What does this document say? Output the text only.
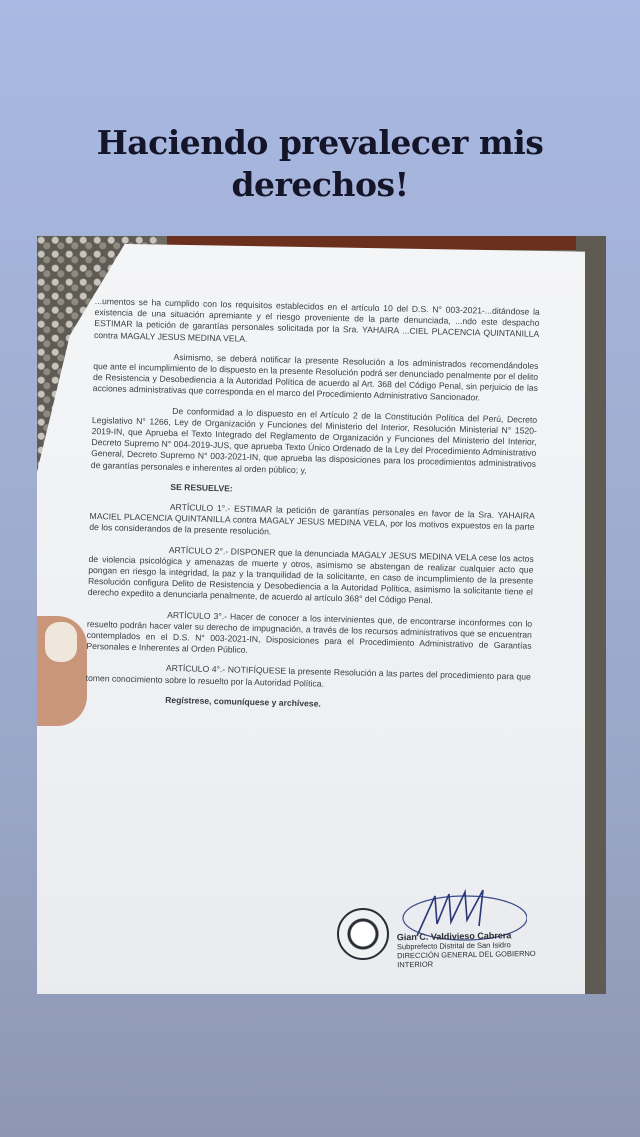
Haciendo prevalecer mis
derechos!

...umentos se ha cumplido con los requisitos establecidos en el artículo 10 del D.S. N° 003-2021-...ditándose la existencia de una situación apremiante y el riesgo proveniente de la parte denunciada, ...ndo este despacho ESTIMAR la petición de garantías personales solicitada por la Sra. YAHAIRA ...CIEL PLACENCIA QUINTANILLA contra MAGALY JESUS MEDINA VELA.

Asimismo, se deberá notificar la presente Resolución a los administrados recomendándoles que ante el incumplimiento de lo dispuesto en la presente Resolución podrá ser denunciado penalmente por el delito de Resistencia y Desobediencia a la Autoridad Política de acuerdo al Art. 368 del Código Penal, sin perjuicio de las acciones administrativas que corresponda en el marco del Procedimiento Administrativo Sancionador.

De conformidad a lo dispuesto en el Artículo 2 de la Constitución Política del Perú, Decreto Legislativo N° 1266, Ley de Organización y Funciones del Ministerio del Interior, Resolución Ministerial N° 1520-2019-IN, que Aprueba el Texto Integrado del Reglamento de Organización y Funciones del Ministerio del Interior, Decreto Supremo N° 004-2019-JUS, que aprueba Texto Único Ordenado de la Ley del Procedimiento Administrativo General, Decreto Supremo N° 003-2021-IN, que aprueba las disposiciones para los procedimientos administrativos de garantías personales e inherentes al orden público; y,

SE RESUELVE:

ARTÍCULO 1°.- ESTIMAR la petición de garantías personales en favor de la Sra. YAHAIRA MACIEL PLACENCIA QUINTANILLA contra MAGALY JESUS MEDINA VELA, por los motivos expuestos en la parte de los considerandos de la presente resolución.

ARTÍCULO 2°.- DISPONER que la denunciada MAGALY JESUS MEDINA VELA cese los actos de violencia psicológica y amenazas de muerte y otros, asimismo se abstengan de realizar cualquier acto que pongan en riesgo la integridad, la paz y la tranquilidad de la solicitante, en caso de incumplimiento de la presente Resolución configura Delito de Resistencia y Desobediencia a la Autoridad Política, asimismo la solicitante tiene el derecho expedito a denunciarla penalmente, de acuerdo al artículo 368° del Código Penal.

ARTÍCULO 3°.- Hacer de conocer a los intervinientes que, de encontrarse inconformes con lo resuelto podrán hacer valer su derecho de impugnación, a través de los recursos administrativos que se encuentran contemplados en el D.S. N° 003-2021-IN, Disposiciones para el Procedimiento Administrativo de Garantías Personales e Inherentes al Orden Público.

ARTÍCULO 4°.- NOTIFÍQUESE la presente Resolución a las partes del procedimiento para que tomen conocimiento sobre lo resuelto por la Autoridad Política.

Regístrese, comuníquese y archívese.

Gian C. Valdivieso Cabrera
Subprefecto Distrital de San Isidro
DIRECCIÓN GENERAL DEL GOBIERNO INTERIOR
